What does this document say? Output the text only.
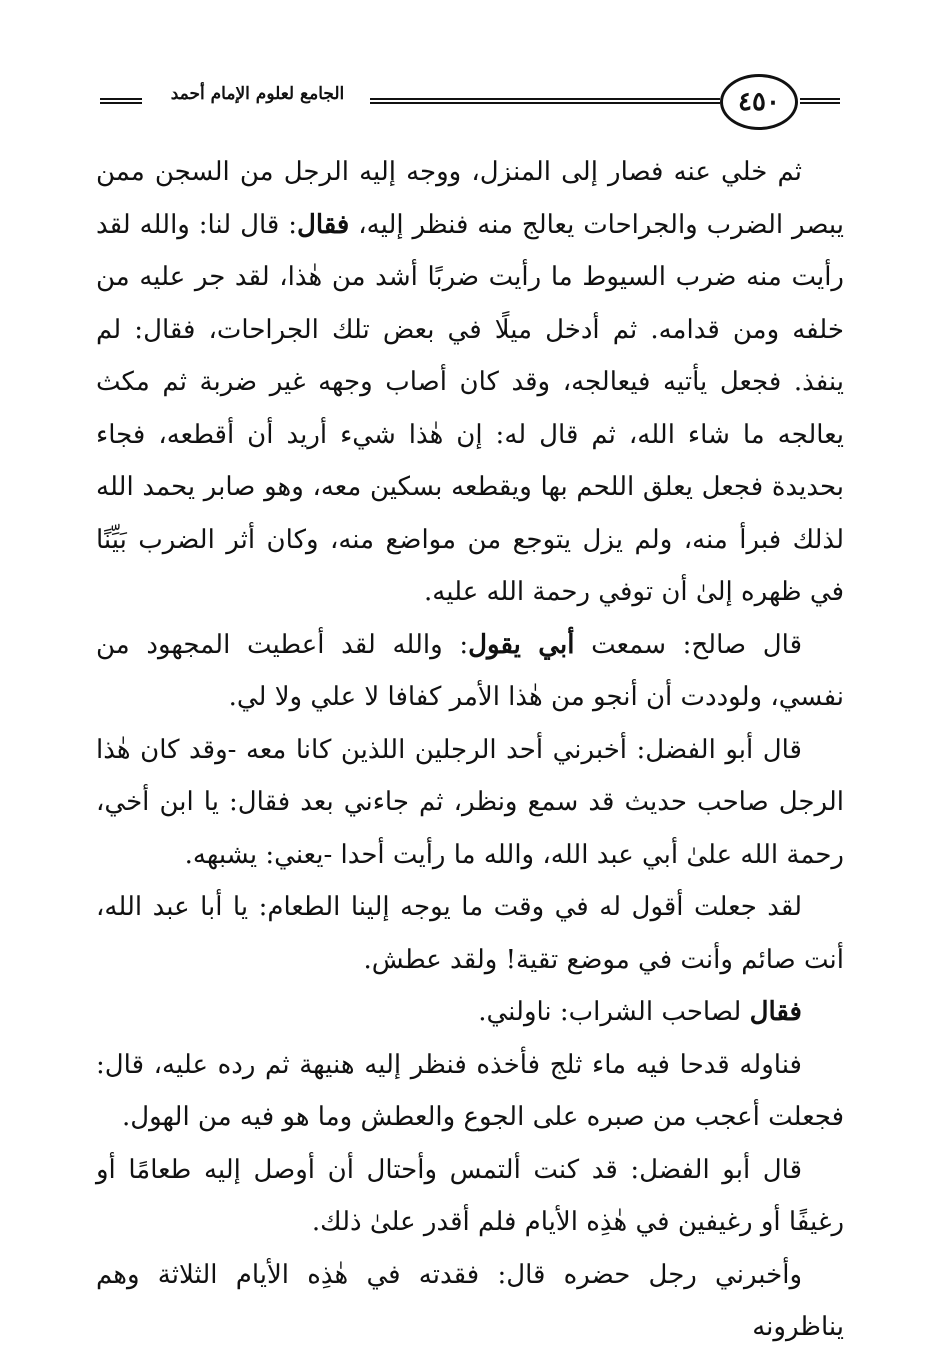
الجامع لعلوم الإمام أحمد	٤٥٠

ثم خلي عنه فصار إلى المنزل، ووجه إليه الرجل من السجن ممن يبصر الضرب والجراحات يعالج منه فنظر إليه، فقال: قال لنا: والله لقد رأيت منه ضرب السيوط ما رأيت ضربًا أشد من هٰذا، لقد جر عليه من خلفه ومن قدامه. ثم أدخل ميلًا في بعض تلك الجراحات، فقال: لم ينفذ. فجعل يأتيه فيعالجه، وقد كان أصاب وجهه غير ضربة ثم مكث يعالجه ما شاء الله، ثم قال له: إن هٰذا شيء أريد أن أقطعه، فجاء بحديدة فجعل يعلق اللحم بها ويقطعه بسكين معه، وهو صابر يحمد الله لذلك فبرأ منه، ولم يزل يتوجع من مواضع منه، وكان أثر الضرب بَيِّنًا في ظهره إلىٰ أن توفي رحمة الله عليه.

قال صالح: سمعت أبي يقول: والله لقد أعطيت المجهود من نفسي، ولوددت أن أنجو من هٰذا الأمر كفافا لا علي ولا لي.

قال أبو الفضل: أخبرني أحد الرجلين اللذين كانا معه -وقد كان هٰذا الرجل صاحب حديث قد سمع ونظر، ثم جاءني بعد فقال: يا ابن أخي، رحمة الله علىٰ أبي عبد الله، والله ما رأيت أحدا -يعني: يشبهه.

لقد جعلت أقول له في وقت ما يوجه إلينا الطعام: يا أبا عبد الله، أنت صائم وأنت في موضع تقية! ولقد عطش.

فقال لصاحب الشراب: ناولني.

فناوله قدحا فيه ماء ثلج فأخذه فنظر إليه هنيهة ثم رده عليه، قال: فجعلت أعجب من صبره على الجوع والعطش وما هو فيه من الهول.

قال أبو الفضل: قد كنت ألتمس وأحتال أن أوصل إليه طعامًا أو رغيفًا أو رغيفين في هٰذِه الأيام فلم أقدر علىٰ ذلك.

وأخبرني رجل حضره قال: فقدته في هٰذِه الأيام الثلاثة وهم يناظرونه
